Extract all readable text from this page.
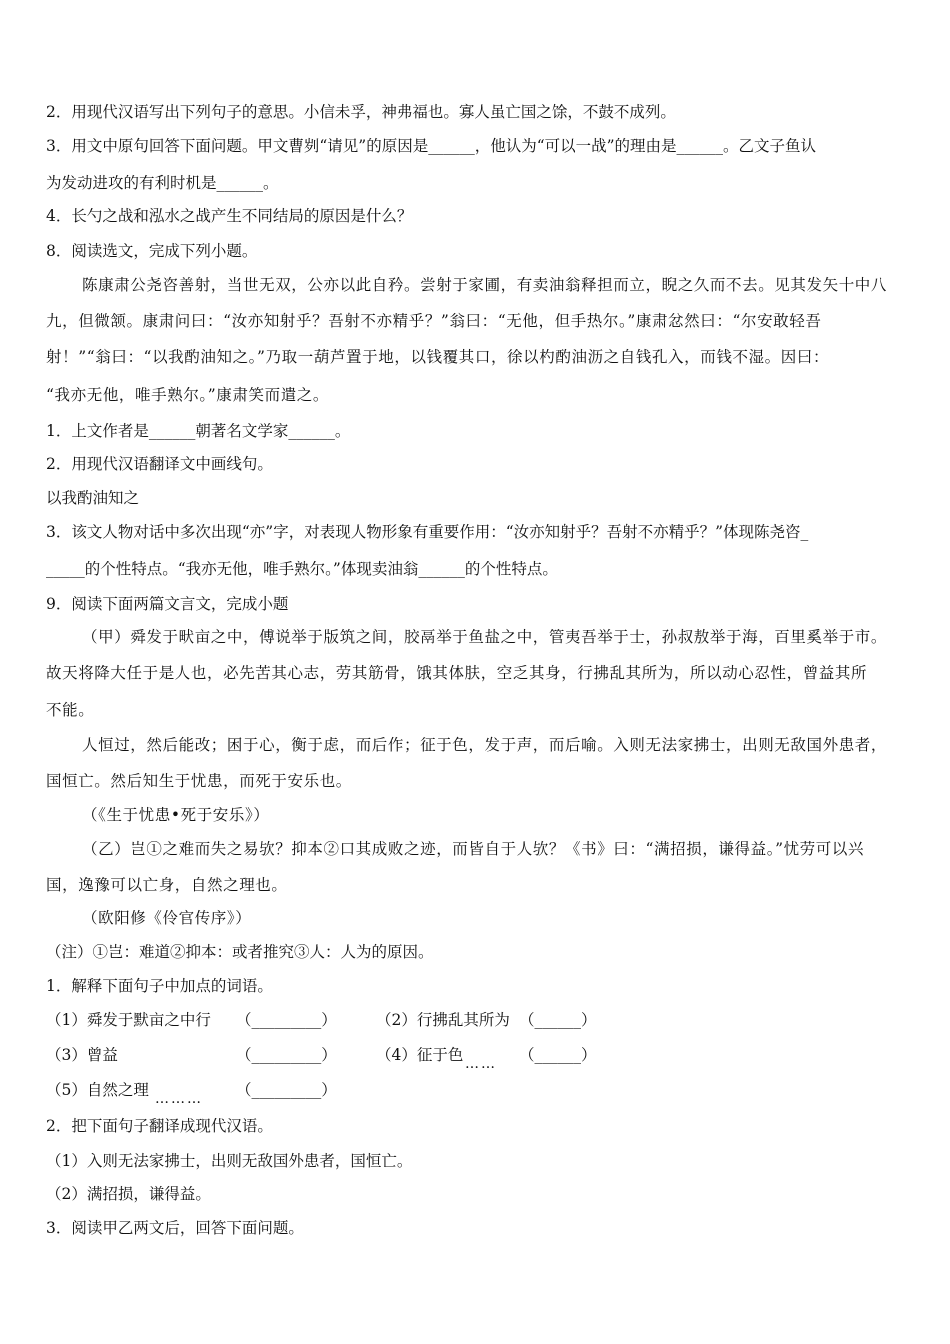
2．用现代汉语写出下列句子的意思。小信未孚，神弗福也。寡人虽亡国之馀，不鼓不成列。
3．用文中原句回答下面问题。甲文曹刿“请见”的原因是______，他认为“可以一战”的理由是______。乙文子鱼认
为发动进攻的有利时机是______。
4．长勺之战和泓水之战产生不同结局的原因是什么？
8．阅读选文，完成下列小题。
陈康肃公尧咨善射，当世无双，公亦以此自矜。尝射于家圃，有卖油翁释担而立，睨之久而不去。见其发矢十中八
九，但微颔。康肃问曰：“汝亦知射乎？吾射不亦精乎？”翁曰：“无他，但手热尔。”康肃忿然曰：“尔安敢轻吾
射！”“翁曰：“以我酌油知之。”乃取一葫芦置于地，以钱覆其口，徐以杓酌油沥之自钱孔入，而钱不湿。因曰：
“我亦无他，唯手熟尔。”康肃笑而遣之。
1．上文作者是______朝著名文学家______。
2．用现代汉语翻译文中画线句。
以我酌油知之
3．该文人物对话中多次出现“亦”字，对表现人物形象有重要作用：“汝亦知射乎？吾射不亦精乎？”体现陈尧咨_
_____的个性特点。“我亦无他，唯手熟尔。”体现卖油翁______的个性特点。
9．阅读下面两篇文言文，完成小题
（甲）舜发于畎亩之中，傅说举于版筑之间，胶鬲举于鱼盐之中，管夷吾举于士，孙叔敖举于海，百里奚举于市。
故天将降大任于是人也，必先苦其心志，劳其筋骨，饿其体肤，空乏其身，行拂乱其所为，所以动心忍性，曾益其所
不能。
人恒过，然后能改；困于心，衡于虑，而后作；征于色，发于声，而后喻。入则无法家拂士，出则无敌国外患者，
国恒亡。然后知生于忧患，而死于安乐也。
（《生于忧患•死于安乐》）
（乙）岂①之难而失之易欤？抑本②口其成败之迹，而皆自于人欤？《书》曰：“满招损，谦得益。”忧劳可以兴
国，逸豫可以亡身，自然之理也。
（欧阳修《伶官传序》）
（注）①岂：难道②抑本：或者推究③人：人为的原因。
1．解释下面句子中加点的词语。
（1）舜发于默亩之中行 （_________）	（2）行拂乱其所为 （______）
（3）曾益	（_________）	（4）征于色 …… （______）
（5）自然之理 ……… （_________）
2．把下面句子翻译成现代汉语。
（1）入则无法家拂士，出则无敌国外患者，国恒亡。
（2）满招损，谦得益。
3．阅读甲乙两文后，回答下面问题。
